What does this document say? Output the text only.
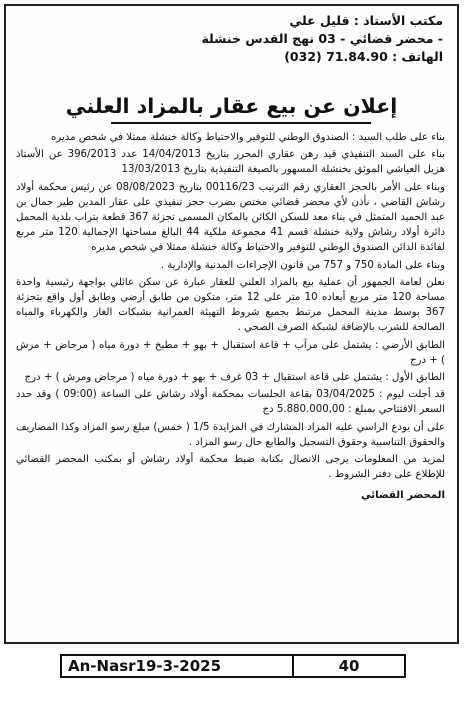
مكتب الأستاذ : قليل علي
- محضر قضائي - 03 نهج القدس خنشلة
الهاتف : (032) 71.84.90
إعلان عن بيع عقار بالمزاد العلني

بناء على طلب السيد : الصندوق الوطني للتوفير والاحتياط وكالة خنشلة ممثلا في شخص مديره

بناء على السند التنفيذي قيد رهن عقاري المحرر بتاريخ 14/04/2013 عدد 396/2013 عن الأستاذ هزيل العياشي الموثق بخنشلة المسهور بالصيغة التنفيذية بتاريخ 13/03/2013

وبناء على الأمر بالحجز العقاري رقم الترتيب 00116/23 بتاريخ 08/08/2023 عن رئيس محكمة أولاد رشاش القاضي ، نأذن لأي محضر قضائي مختص بضرب حجز تنفيذي على عقار المدين طير جمال بن عبد الحميد المتمثل في بناء معد للسكن الكائن بالمكان المسمى تجزئة 367 قطعة بتراب بلدية المحمل دائرة أولاد رشاش ولاية خنشلة قسم 41 مجموعة ملكية 44 البالغ مساحتها الإجمالية 120 متر مربع لفائدة الدائن الصندوق الوطني للتوفير والاحتياط وكالة خنشلة ممثلا في شخص مديره

وبناء على المادة 750 و 757 من قانون الإجراءات المدنية والإدارية .

نعلن لعامة الجمهور أن عملية بيع بالمزاد العلني للعقار عبارة عن سكن عائلي بواجهة رئيسية واحدة مساحة 120 متر مربع أبعاده 10 متر على 12 متر، متكون من طابق أرضي وطابق أول واقع بتجزئة 367 بوسط مدينة المحمل مرتبط بجميع شروط التهيئة العمرانية بشبكات الغاز والكهرباء والمياه الصالحة للشرب بالإضافة لشبكة الصرف الصحي .

الطابق الأرضي : يشتمل على مرآب + قاعة استقبال + بهو + مطبخ + دورة مياه ( مرحاض + مرش ) + درج

الطابق الأول : يشتمل على قاعة استقبال + 03 غرف + بهو + دورة مياه ( مرحاض ومرش ) + درج

قد أجلت ليوم : 03/04/2025 بقاعة الجلسات بمحكمة أولاد رشاش على الساعة (09:00 ) وقد حدد السعر الافتتاحي بمبلغ : 5.880.000,00 دج

على أن يودع الراسي عليه المزاد المشارك في المزايدة 1/5 ( خمس) مبلغ رسو المزاد وكذا المصاريف والحقوق التناسبية وحقوق التسجيل والطابع حال رسو المزاد .

لمزيد من المعلومات يرجى الاتصال بكتابة ضبط محكمة أولاد رشاش أو بمكتب المحضر القضائي للإطلاع على دفتر الشروط .

المحضر القضائي
An-Nasr19-3-2025	40
